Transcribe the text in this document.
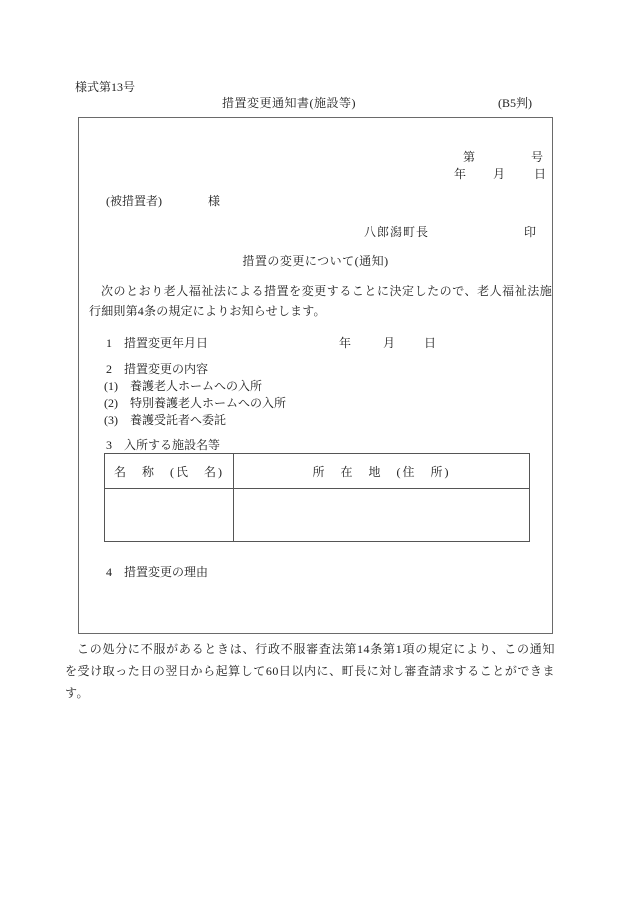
様式第13号
措置変更通知書(施設等)	(B5判)
第	号
年 月 日
(被措置者)	様
八郎潟町長	印
措置の変更について(通知)
次のとおり老人福祉法による措置を変更することに決定したので、老人福祉法施行細則第4条の規定によりお知らせします。
1　措置変更年月日	年	月 日
2　措置変更の内容
(1)　養護老人ホームへの入所
(2)　特別養護老人ホームへの入所
(3)　養護受託者へ委託
3　入所する施設名等
名　称　(氏　名)	所　在　地　(住　所)

4　措置変更の理由
この処分に不服があるときは、行政不服審査法第14条第1項の規定により、この通知を受け取った日の翌日から起算して60日以内に、町長に対し審査請求することができます。
